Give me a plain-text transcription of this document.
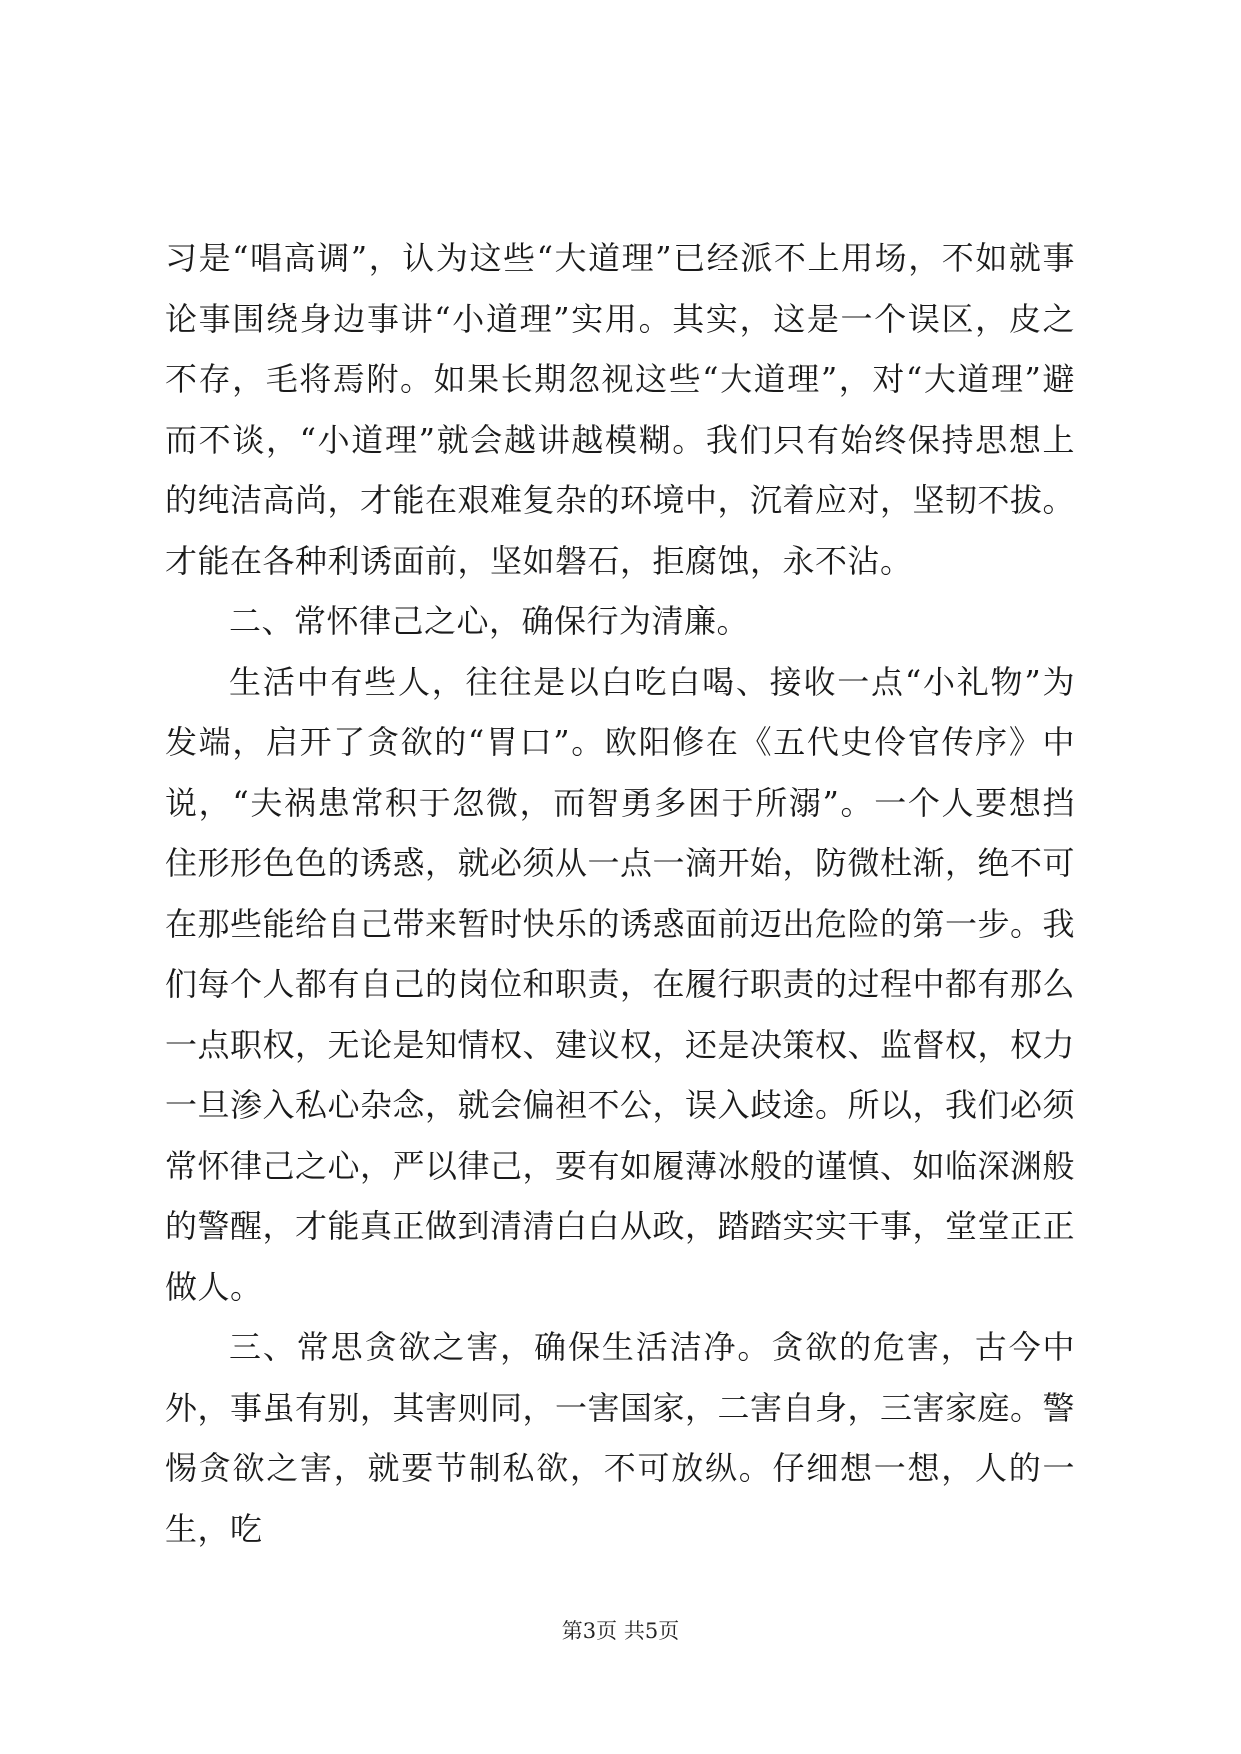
习是“唱高调”，认为这些“大道理”已经派不上用场，不如就事论事围绕身边事讲“小道理”实用。其实，这是一个误区，皮之不存，毛将焉附。如果长期忽视这些“大道理”，对“大道理”避而不谈，“小道理”就会越讲越模糊。我们只有始终保持思想上的纯洁高尚，才能在艰难复杂的环境中，沉着应对，坚韧不拔。才能在各种利诱面前，坚如磐石，拒腐蚀，永不沾。

二、常怀律己之心，确保行为清廉。

生活中有些人，往往是以白吃白喝、接收一点“小礼物”为发端，启开了贪欲的“胃口”。欧阳修在《五代史伶官传序》中说，“夫祸患常积于忽微，而智勇多困于所溺”。一个人要想挡住形形色色的诱惑，就必须从一点一滴开始，防微杜渐，绝不可在那些能给自己带来暂时快乐的诱惑面前迈出危险的第一步。我们每个人都有自己的岗位和职责，在履行职责的过程中都有那么一点职权，无论是知情权、建议权，还是决策权、监督权，权力一旦渗入私心杂念，就会偏袒不公，误入歧途。所以，我们必须常怀律己之心，严以律己，要有如履薄冰般的谨慎、如临深渊般的警醒，才能真正做到清清白白从政，踏踏实实干事，堂堂正正做人。

三、常思贪欲之害，确保生活洁净。贪欲的危害，古今中外，事虽有别，其害则同，一害国家，二害自身，三害家庭。警惕贪欲之害，就要节制私欲，不可放纵。仔细想一想，人的一生，吃

第3页 共5页
